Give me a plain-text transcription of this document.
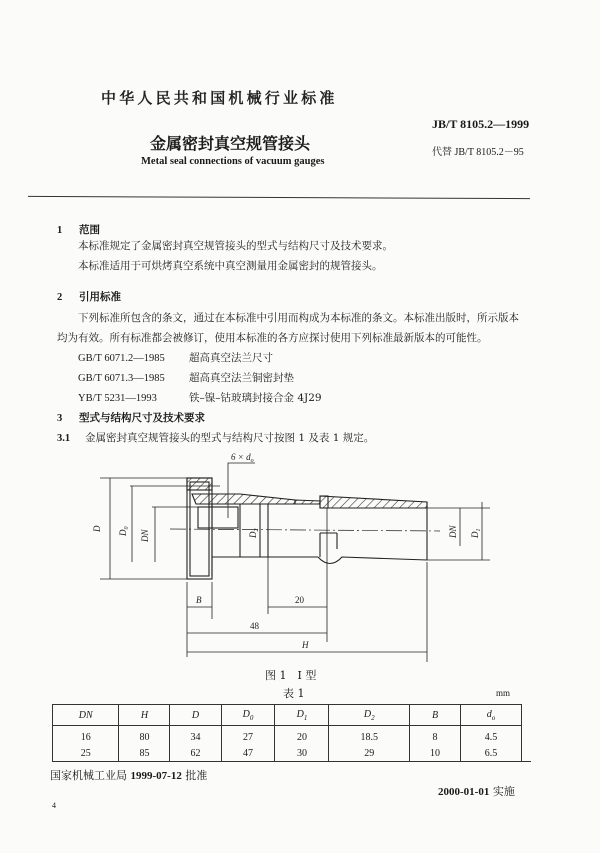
中华人民共和国机械行业标准
JB/T 8105.2—1999
金属密封真空规管接头	代替 JB/T 8105.2－95
Metal seal connections of vacuum gauges
1 范围
本标准规定了金属密封真空规管接头的型式与结构尺寸及技术要求。
本标准适用于可烘烤真空系统中真空测量用金属密封的规管接头。
2 引用标准
下列标准所包含的条文，通过在本标准中引用而构成为本标准的条文。本标准出版时，所示版本
均为有效。所有标准都会被修订，使用本标准的各方应探讨使用下列标准最新版本的可能性。
GB/T 6071.2—1985 超高真空法兰尺寸
GB/T 6071.3—1985 超高真空法兰铜密封垫
YB/T 5231—1993	铁–镍–钴玻璃封接合金 4J29
3 型式与结构尺寸及技术要求
3.1 金属密封真空规管接头的型式与结构尺寸按图 1 及表 1 规定。
$6 \times d_o$
D
$D_0$
DN	$D_2$	DN $D_1$
B	20
48
H
图 1　I 型
表 1	mm
DN	H	D	$D_0$	$D_1$	$D_2$	B	$d_o$
16	80	34	27	20	18.5	8	4.5
25	85	62	47	30	29	10	6.5
国家机械工业局 1999-07-12 批准
2000-01-01 实施
4
